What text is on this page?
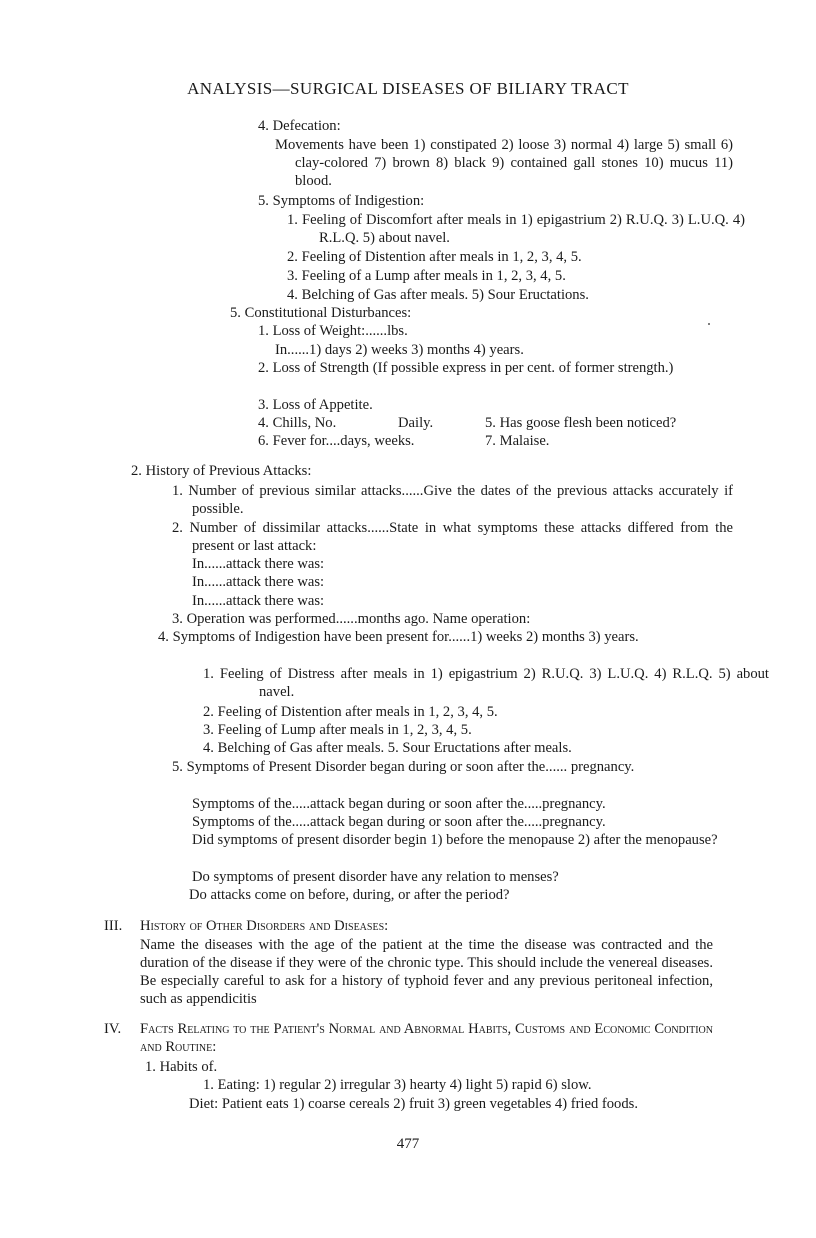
ANALYSIS—SURGICAL DISEASES OF BILIARY TRACT
4. Defecation:
Movements have been 1) constipated 2) loose 3) normal 4) large 5) small 6) clay-colored 7) brown 8) black 9) contained gall stones 10) mucus 11) blood.
5. Symptoms of Indigestion:
1. Feeling of Discomfort after meals in 1) epigastrium 2) R.U.Q. 3) L.U.Q. 4) R.L.Q. 5) about navel.
2. Feeling of Distention after meals in 1, 2, 3, 4, 5.
3. Feeling of a Lump after meals in 1, 2, 3, 4, 5.
4. Belching of Gas after meals. 5) Sour Eructations.
5. Constitutional Disturbances:
1. Loss of Weight:......lbs.
In......1) days 2) weeks 3) months 4) years.
2. Loss of Strength (If possible express in per cent. of former strength.)
3. Loss of Appetite.
4. Chills, No.	Daily.	5. Has goose flesh been noticed?
6. Fever for....days, weeks.	7. Malaise.
2. History of Previous Attacks:
1. Number of previous similar attacks......Give the dates of the previous attacks accurately if possible.
2. Number of dissimilar attacks......State in what symptoms these attacks differed from the present or last attack:
In......attack there was:
In......attack there was:
In......attack there was:
3. Operation was performed......months ago. Name operation:
4. Symptoms of Indigestion have been present for......1) weeks 2) months 3) years.
1. Feeling of Distress after meals in 1) epigastrium 2) R.U.Q. 3) L.U.Q. 4) R.L.Q. 5) about navel.
2. Feeling of Distention after meals in 1, 2, 3, 4, 5.
3. Feeling of Lump after meals in 1, 2, 3, 4, 5.
4. Belching of Gas after meals. 5. Sour Eructations after meals.
5. Symptoms of Present Disorder began during or soon after the...... pregnancy.
Symptoms of the.....attack began during or soon after the.....pregnancy.
Symptoms of the.....attack began during or soon after the.....pregnancy.
Did symptoms of present disorder begin 1) before the menopause 2) after the menopause?
Do symptoms of present disorder have any relation to menses?
Do attacks come on before, during, or after the period?
III. History of Other Disorders and Diseases:
Name the diseases with the age of the patient at the time the disease was contracted and the duration of the disease if they were of the chronic type. This should include the venereal diseases. Be especially careful to ask for a history of typhoid fever and any previous peritoneal infection, such as appendicitis
IV. Facts Relating to the Patient's Normal and Abnormal Habits, Customs and Economic Condition and Routine:
1. Habits of.
1. Eating: 1) regular 2) irregular 3) hearty 4) light 5) rapid 6) slow.
Diet: Patient eats 1) coarse cereals 2) fruit 3) green vegetables 4) fried foods.
477
